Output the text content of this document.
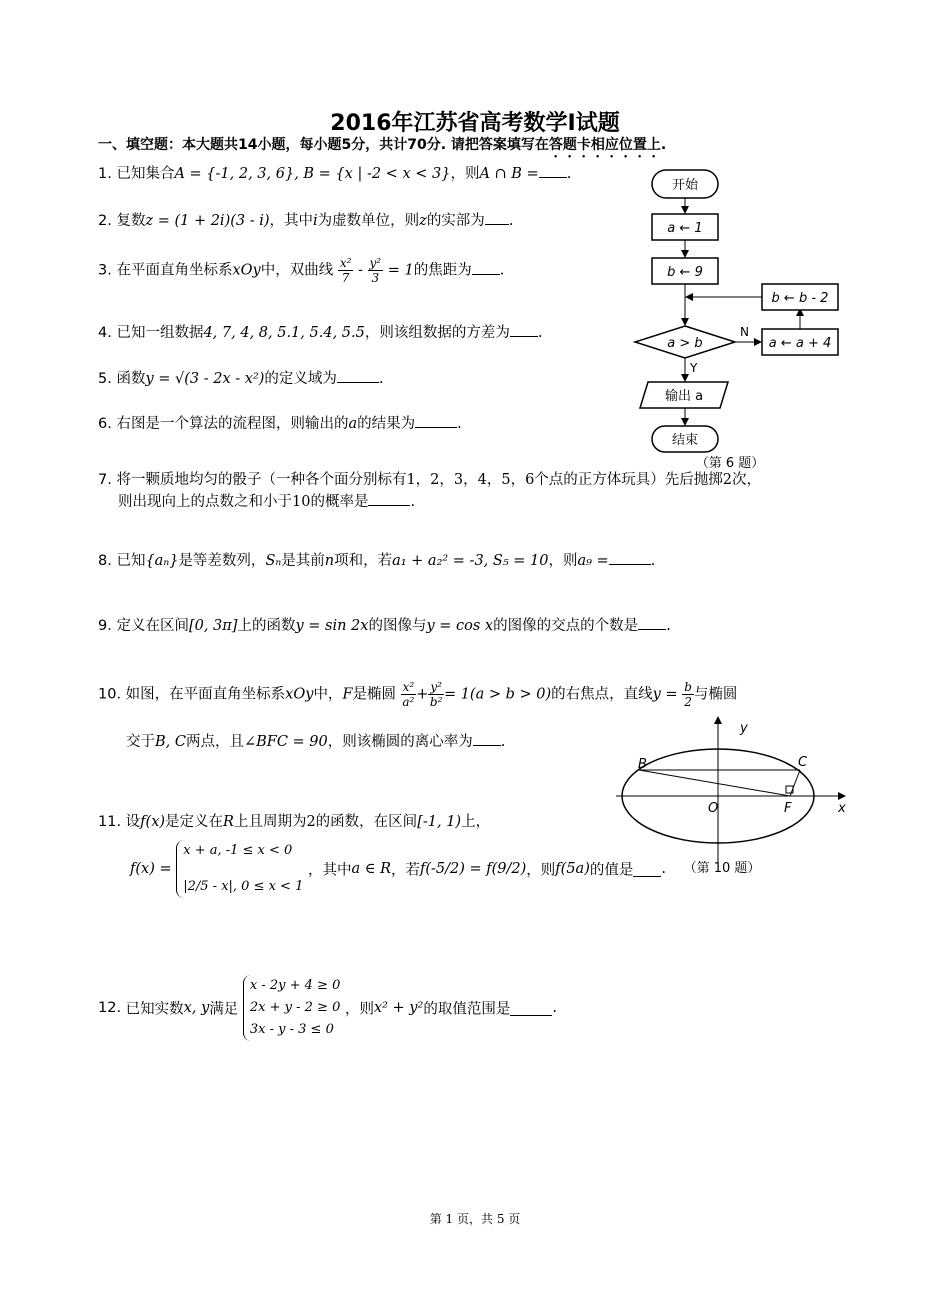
2016年江苏省高考数学Ⅰ试题
一、填空题：本大题共14小题，每小题5分，共计70分. 请把答案填写在答题卡相应位置上.
1. 已知集合A = {-1, 2, 3, 6}, B = {x | -2 < x < 3}，则A ∩ B = .
2. 复数z = (1 + 2i)(3 - i)，其中i为虚数单位，则z的实部为 .
3. 在平面直角坐标系xOy中，双曲线 $\frac{\text{x²}}{7} - \frac{\text{y²}}{3} = 1$的焦距为 .
4. 已知一组数据4, 7, 4, 8, 5.1, 5.4, 5.5，则该组数据的方差为 .
5. 函数y = √(3 - 2x - x²)的定义域为	.
6. 右图是一个算法的流程图，则输出的a的结果为	.
7. 将一颗质地均匀的骰子（一种各个面分别标有1，2，3，4，5，6个点的正方体玩具）先后抛掷2次，
则出现向上的点数之和小于10的概率是	.
8. 已知{aₙ}是等差数列，Sₙ是其前n项和，若a₁ + a₂² = -3, S₅ = 10，则a₉ =	.
9. 定义在区间[0, 3π]上的函数y = sin 2x的图像与y = cos x的图像的交点的个数是 .
10. 如图，在平面直角坐标系xOy中，F是椭圆 $\frac{\text{x²}}{\text{a²}} + \frac{\text{y²}}{\text{b²}} = 1(a > b > 0)$的右焦点，直线$y = \frac{b}{2}$ 与椭圆
交于B, C两点，且∠BFC = 90，则该椭圆的离心率为 .
11. 设f(x)是定义在R上且周期为2的函数，在区间[-1, 1)上，
f(x) =
x + a, -1 ≤ x < 0
|2/5 - x|, 0 ≤ x < 1
，其中a ∈ R，若f(-5/2) = f(9/2)，则f(5a)的值是 .
12. 已知实数x, y满足
x - 2y + 4 ≥ 0
2x + y - 2 ≥ 0
3x - y - 3 ≤ 0
，则x² + y²的取值范围是	.
开始
a ← 1
b ← 9
a > b
N
a ← a + 4
b ← b - 2
Y
输出 a
结束
（第 6 题）
y
x
O
B	C
F
（第 10 题）
第 1 页，共 5 页
